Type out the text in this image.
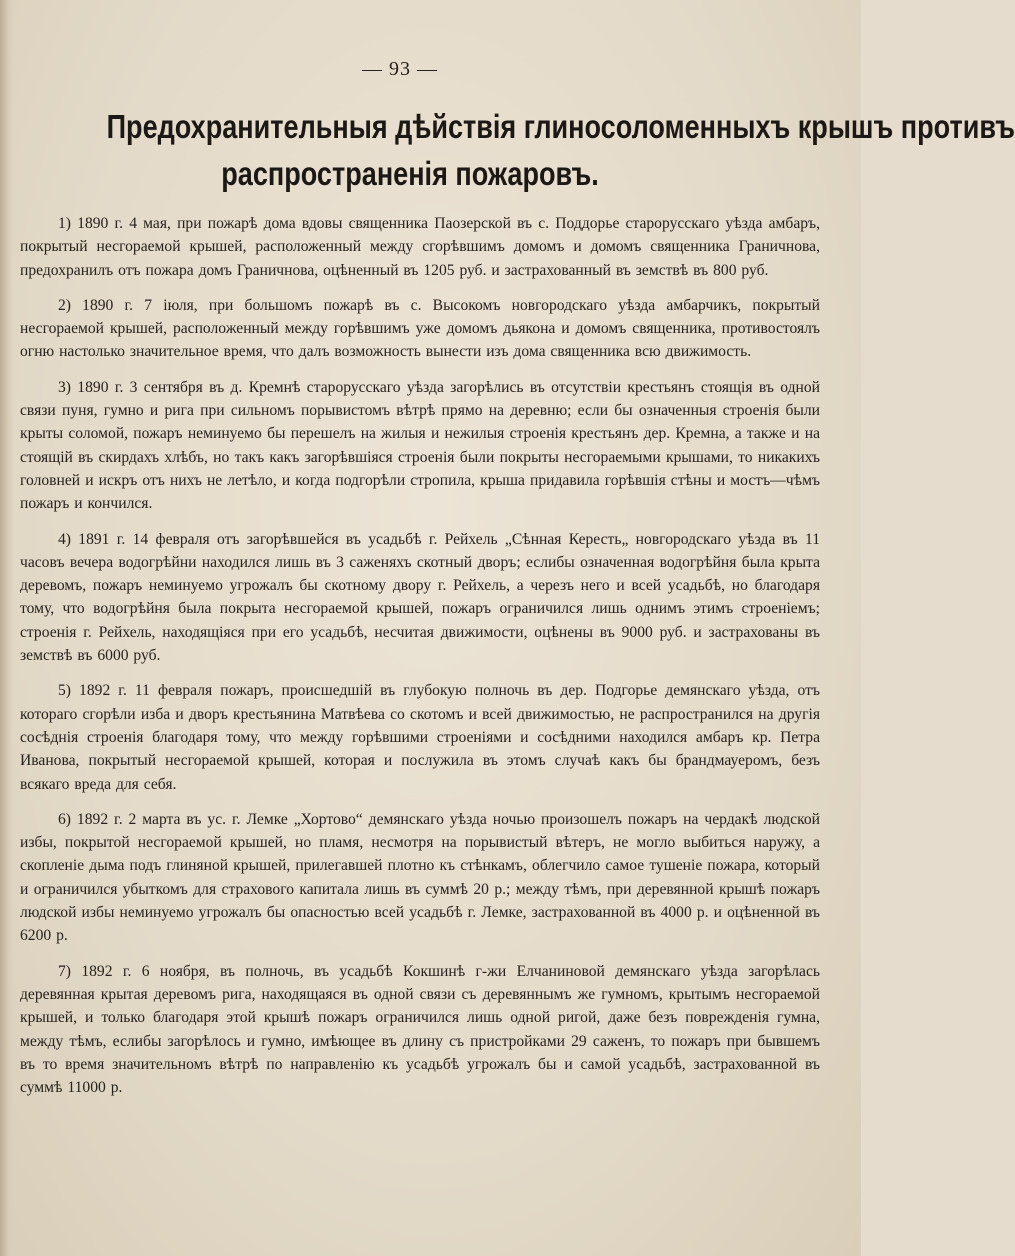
— 93 —
Предохранительныя дѣйствія глиносоломенныхъ крышъ противъ
распространенія пожаровъ.

1) 1890 г. 4 мая, при пожарѣ дома вдовы священника Паозерской въ с. Поддорье старорусскаго уѣзда амбаръ, покрытый несгораемой крышей, расположенный между сгорѣвшимъ домомъ и домомъ священника Граничнова, предохранилъ отъ пожара домъ Граничнова, оцѣненный въ 1205 руб. и застрахованный въ земствѣ въ 800 руб.

2) 1890 г. 7 іюля, при большомъ пожарѣ въ с. Высокомъ новгородскаго уѣзда амбарчикъ, покрытый несгораемой крышей, расположенный между горѣвшимъ уже домомъ дьякона и домомъ священника, противостоялъ огню настолько значительное время, что далъ возможность вынести изъ дома священника всю движимость.

3) 1890 г. 3 сентября въ д. Кремнѣ старорусскаго уѣзда загорѣлись въ отсутствіи крестьянъ стоящія въ одной связи пуня, гумно и рига при сильномъ порывистомъ вѣтрѣ прямо на деревню; если бы означенныя строенія были крыты соломой, пожаръ неминуемо бы перешелъ на жилыя и нежилыя строенія крестьянъ дер. Кремна, а также и на стоящій въ скирдахъ хлѣбъ, но такъ какъ загорѣвшіяся строенія были покрыты несгораемыми крышами, то никакихъ головней и искръ отъ нихъ не летѣло, и когда подгорѣли стропила, крыша придавила горѣвшія стѣны и мостъ—чѣмъ пожаръ и кончился.

4) 1891 г. 14 февраля отъ загорѣвшейся въ усадьбѣ г. Рейхель „Сѣнная Кересть„ новгородскаго уѣзда въ 11 часовъ вечера водогрѣйни находился лишь въ 3 саженяхъ скотный дворъ; еслибы означенная водогрѣйня была крыта деревомъ, пожаръ неминуемо угрожалъ бы скотному двору г. Рейхель, а черезъ него и всей усадьбѣ, но благодаря тому, что водогрѣйня была покрыта несгораемой крышей, пожаръ ограничился лишь однимъ этимъ строеніемъ; строенія г. Рейхель, находящіяся при его усадьбѣ, несчитая движимости, оцѣнены въ 9000 руб. и застрахованы въ земствѣ въ 6000 руб.

5) 1892 г. 11 февраля пожаръ, происшедшій въ глубокую полночь въ дер. Подгорье демянскаго уѣзда, отъ котораго сгорѣли изба и дворъ крестьянина Матвѣева со скотомъ и всей движимостью, не распространился на другія сосѣднія строенія благодаря тому, что между горѣвшими строеніями и сосѣдними находился амбаръ кр. Петра Иванова, покрытый несгораемой крышей, которая и послужила въ этомъ случаѣ какъ бы брандмауеромъ, безъ всякаго вреда для себя.

6) 1892 г. 2 марта въ ус. г. Лемке „Хортово“ демянскаго уѣзда ночью произошелъ пожаръ на чердакѣ людской избы, покрытой несгораемой крышей, но пламя, несмотря на порывистый вѣтеръ, не могло выбиться наружу, а скопленіе дыма подъ глиняной крышей, прилегавшей плотно къ стѣнкамъ, облегчило самое тушеніе пожара, который и ограничился убыткомъ для страхового капитала лишь въ суммѣ 20 р.; между тѣмъ, при деревянной крышѣ пожаръ людской избы неминуемо угрожалъ бы опасностью всей усадьбѣ г. Лемке, застрахованной въ 4000 р. и оцѣненной въ 6200 р.

7) 1892 г. 6 ноября, въ полночь, въ усадьбѣ Кокшинѣ г-жи Елчаниновой демянскаго уѣзда загорѣлась деревянная крытая деревомъ рига, находящаяся въ одной связи съ деревяннымъ же гумномъ, крытымъ несгораемой крышей, и только благодаря этой крышѣ пожаръ ограничился лишь одной ригой, даже безъ поврежденія гумна, между тѣмъ, еслибы загорѣлось и гумно, имѣющее въ длину съ пристройками 29 саженъ, то пожаръ при бывшемъ въ то время значительномъ вѣтрѣ по направленію къ усадьбѣ угрожалъ бы и самой усадьбѣ, застрахованной въ суммѣ 11000 р.
